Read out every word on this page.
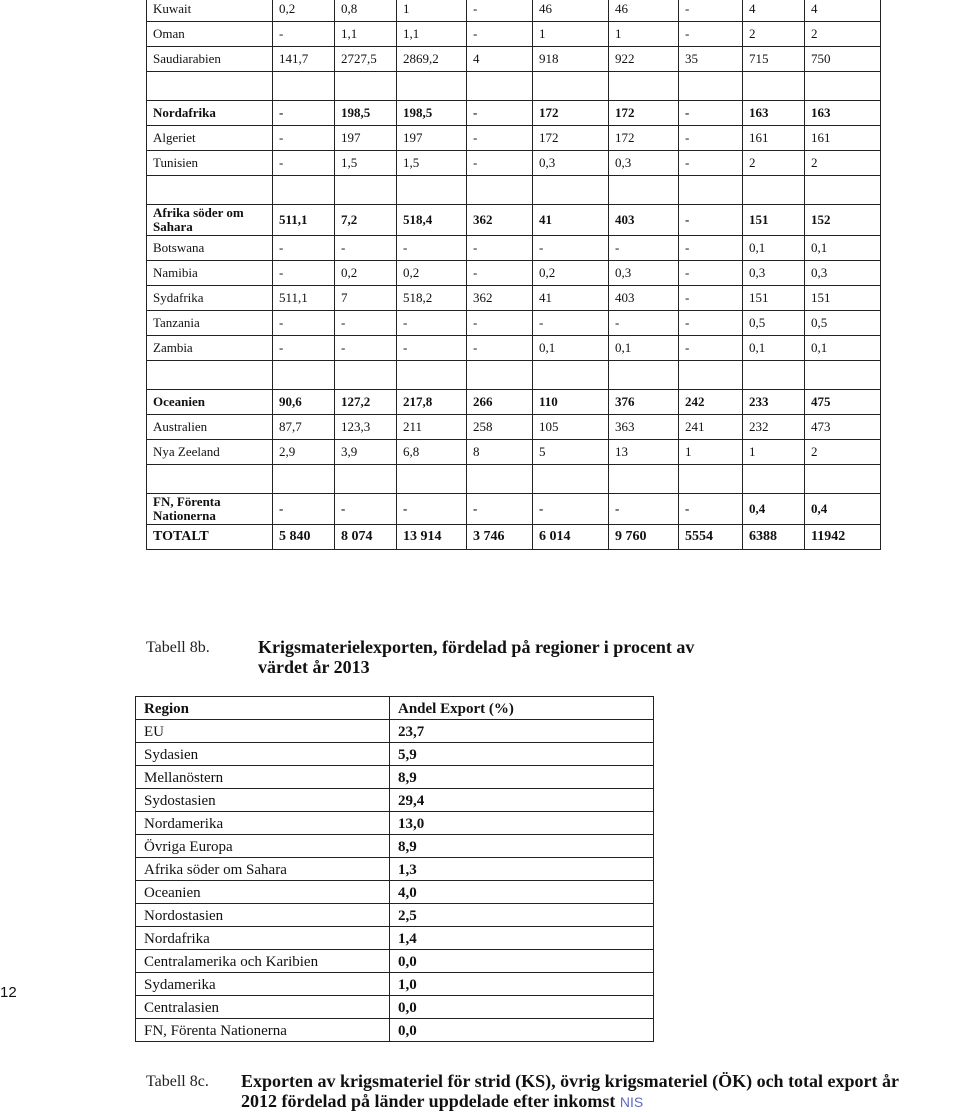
Kuwait	0,2	0,8	1	-	46	46	-	4	4
Oman	-	1,1	1,1	-	1	1	-	2	2
Saudiarabien	141,7	2727,5	2869,2	4	918	922	35	715	750

Nordafrika	-	198,5	198,5	-	172	172	-	163	163
Algeriet	-	197	197	-	172	172	-	161	161
Tunisien	-	1,5	1,5	-	0,3	0,3	-	2	2

Afrika söder om Sahara	511,1	7,2	518,4	362	41	403	-	151	152
Botswana	-	-	-	-	-	-	-	0,1	0,1
Namibia	-	0,2	0,2	-	0,2	0,3	-	0,3	0,3
Sydafrika	511,1	7	518,2	362	41	403	-	151	151
Tanzania	-	-	-	-	-	-	-	0,5	0,5
Zambia	-	-	-	-	0,1	0,1	-	0,1	0,1

Oceanien	90,6	127,2	217,8	266	110	376	242	233	475
Australien	87,7	123,3	211	258	105	363	241	232	473
Nya Zeeland	2,9	3,9	6,8	8	5	13	1	1	2

FN, Förenta Nationerna	-	-	-	-	-	-	-	0,4	0,4
TOTALT	5 840	8 074	13 914	3 746	6 014	9 760	5554	6388	11942
Tabell 8b.	Krigsmaterielexporten, fördelad på regioner i procent av värdet år 2013
Region	Andel Export (%)
EU	23,7
Sydasien	5,9
Mellanöstern	8,9
Sydostasien	29,4
Nordamerika	13,0
Övriga Europa	8,9
Afrika söder om Sahara	1,3
Oceanien	4,0
Nordostasien	2,5
Nordafrika	1,4
Centralamerika och Karibien	0,0
Sydamerika	1,0
Centralasien	0,0
FN, Förenta Nationerna	0,0
12
Tabell 8c. Exporten av krigsmateriel för strid (KS), övrig krigsmateriel (ÖK) och total export år 2012 fördelad på länder uppdelade efter inkomst NIS
